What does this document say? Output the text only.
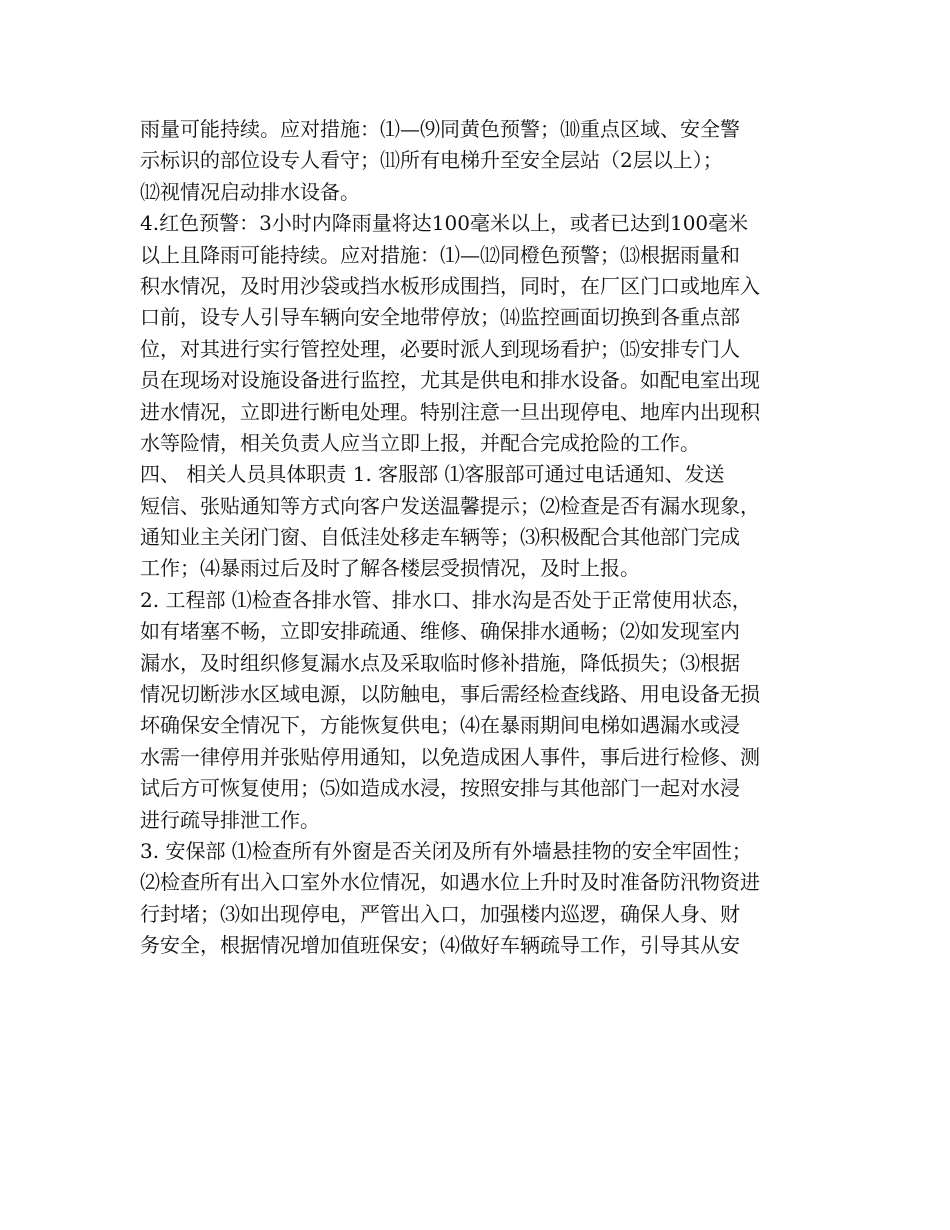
雨量可能持续。应对措施：⑴—⑼同黄色预警；⑽重点区域、安全警
示标识的部位设专人看守；⑾所有电梯升至安全层站（2层以上）；
⑿视情况启动排水设备。
4.红色预警：3小时内降雨量将达100毫米以上，或者已达到100毫米
以上且降雨可能持续。应对措施：⑴—⑿同橙色预警；⒀根据雨量和
积水情况，及时用沙袋或挡水板形成围挡，同时，在厂区门口或地库入
口前，设专人引导车辆向安全地带停放；⒁监控画面切换到各重点部
位，对其进行实行管控处理，必要时派人到现场看护；⒂安排专门人
员在现场对设施设备进行监控，尤其是供电和排水设备。如配电室出现
进水情况，立即进行断电处理。特别注意一旦出现停电、地库内出现积
水等险情，相关负责人应当立即上报，并配合完成抢险的工作。
四、 相关人员具体职责 1. 客服部 ⑴客服部可通过电话通知、发送
短信、张贴通知等方式向客户发送温馨提示；⑵检查是否有漏水现象，
通知业主关闭门窗、自低洼处移走车辆等；⑶积极配合其他部门完成
工作；⑷暴雨过后及时了解各楼层受损情况，及时上报。
2. 工程部 ⑴检查各排水管、排水口、排水沟是否处于正常使用状态，
如有堵塞不畅，立即安排疏通、维修、确保排水通畅；⑵如发现室内
漏水，及时组织修复漏水点及采取临时修补措施，降低损失；⑶根据
情况切断涉水区域电源，以防触电，事后需经检查线路、用电设备无损
坏确保安全情况下，方能恢复供电；⑷在暴雨期间电梯如遇漏水或浸
水需一律停用并张贴停用通知，以免造成困人事件，事后进行检修、测
试后方可恢复使用；⑸如造成水浸，按照安排与其他部门一起对水浸
进行疏导排泄工作。
3. 安保部 ⑴检查所有外窗是否关闭及所有外墙悬挂物的安全牢固性；
⑵检查所有出入口室外水位情况，如遇水位上升时及时准备防汛物资进
行封堵；⑶如出现停电，严管出入口，加强楼内巡逻，确保人身、财
务安全，根据情况增加值班保安；⑷做好车辆疏导工作，引导其从安
